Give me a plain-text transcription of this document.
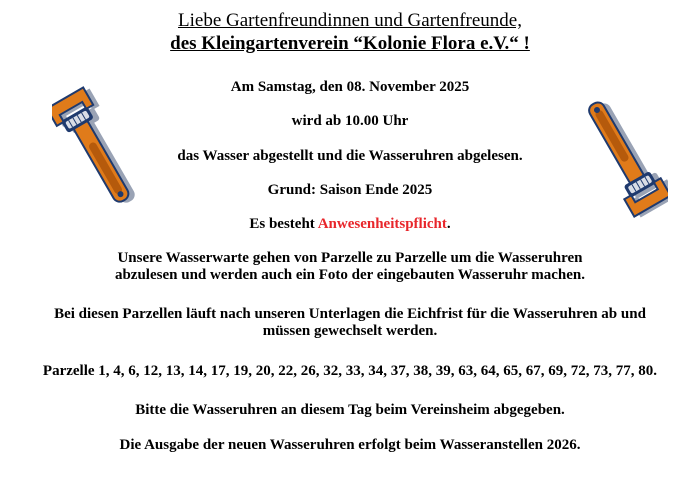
Liebe Gartenfreundinnen und Gartenfreunde,
des Kleingartenverein “Kolonie Flora e.V.“ !
Am Samstag, den 08. November 2025
wird ab 10.00 Uhr
das Wasser abgestellt und die Wasseruhren abgelesen.
Grund: Saison Ende 2025
Es besteht Anwesenheitspflicht.
Unsere Wasserwarte gehen von Parzelle zu Parzelle um die Wasseruhren
abzulesen und werden auch ein Foto der eingebauten Wasseruhr machen.
Bei diesen Parzellen läuft nach unseren Unterlagen die Eichfrist für die Wasseruhren ab und
müssen gewechselt werden.
Parzelle 1, 4, 6, 12, 13, 14, 17, 19, 20, 22, 26, 32, 33, 34, 37, 38, 39, 63, 64, 65, 67, 69, 72, 73, 77, 80.
Bitte die Wasseruhren an diesem Tag beim Vereinsheim abgegeben.
Die Ausgabe der neuen Wasseruhren erfolgt beim Wasseranstellen 2026.
